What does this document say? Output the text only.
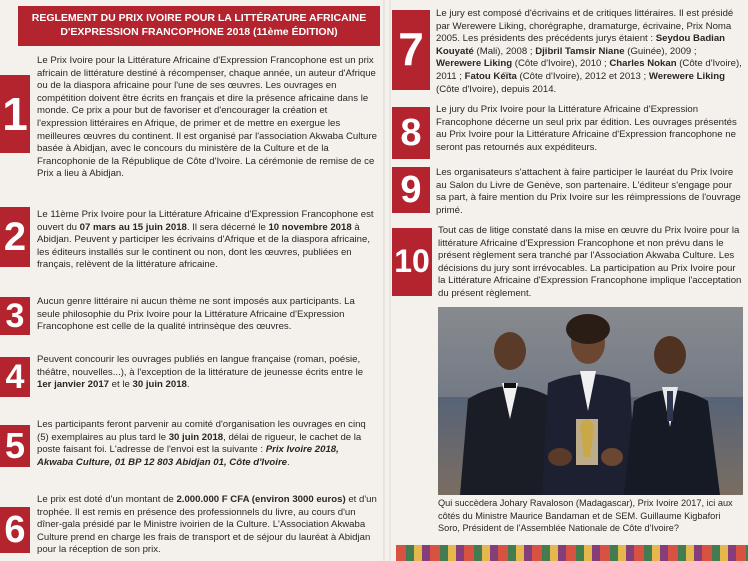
REGLEMENT DU PRIX IVOIRE POUR LA LITTÉRATURE AFRICAINE
D'EXPRESSION FRANCOPHONE 2018 (11ème ÉDITION)
1
Le Prix Ivoire pour la Littérature Africaine d'Expression Francophone est un prix africain de littérature destiné à récompenser, chaque année, un auteur d'Afrique ou de la diaspora africaine pour l'une de ses œuvres. Les ouvrages en compétition doivent être écrits en français et dire la présence africaine dans le monde. Ce prix a pour but de favoriser et d'encourager la création et l'expression littéraires en Afrique, de primer et de mettre en exergue les meilleures œuvres du continent. Il est organisé par l'association Akwaba Culture basée à Abidjan, avec le concours du ministère de la Culture et de la Francophonie de la République de Côte d'Ivoire. La cérémonie de remise de ce Prix a lieu à Abidjan.
2
Le 11ème Prix Ivoire pour la Littérature Africaine d'Expression Francophone est ouvert du 07 mars au 15 juin 2018. Il sera décerné le 10 novembre 2018 à Abidjan. Peuvent y participer les écrivains d'Afrique et de la diaspora africaine, les éditeurs installés sur le continent ou non, dont les œuvres, publiées en français, relèvent de la littérature africaine.
3	Aucun genre littéraire ni aucun thème ne sont imposés aux participants. La seule philosophie du Prix Ivoire pour la Littérature Africaine d'Expression Francophone est celle de la qualité intrinsèque des œuvres.
4	Peuvent concourir les ouvrages publiés en langue française (roman, poésie, théâtre, nouvelles...), à l'exception de la littérature de jeunesse écrits entre le 1er janvier 2017 et le 30 juin 2018.
5
Les participants feront parvenir au comité d'organisation les ouvrages en cinq (5) exemplaires au plus tard le 30 juin 2018, délai de rigueur, le cachet de la poste faisant foi. L'adresse de l'envoi est la suivante : Prix Ivoire 2018, Akwaba Culture, 01 BP 12 803 Abidjan 01, Côte d'Ivoire.
6
Le prix est doté d'un montant de 2.000.000 F CFA (environ 3000 euros) et d'un trophée. Il est remis en présence des professionnels du livre, au cours d'un dîner-gala présidé par le Ministre ivoirien de la Culture. L'Association Akwaba Culture prend en charge les frais de transport et de séjour du lauréat à Abidjan pour la réception de son prix.
7
Le jury est composé d'écrivains et de critiques littéraires. Il est présidé par Werewere Liking, chorégraphe, dramaturge, écrivaine, Prix Noma 2005. Les présidents des précédents jurys étaient : Seydou Badian Kouyaté (Mali), 2008 ; Djibril Tamsir Niane (Guinée), 2009 ; Werewere Liking (Côte d'Ivoire), 2010 ; Charles Nokan (Côte d'Ivoire), 2011 ; Fatou Kéïta (Côte d'Ivoire), 2012 et 2013 ; Werewere Liking (Côte d'Ivoire), depuis 2014.
8
Le jury du Prix Ivoire pour la Littérature Africaine d'Expression Francophone décerne un seul prix par édition. Les ouvrages présentés au Prix Ivoire pour la Littérature Africaine d'Expression francophone ne seront pas retournés aux expéditeurs.
9	Les organisateurs s'attachent à faire participer le lauréat du Prix Ivoire au Salon du Livre de Genève, son partenaire. L'éditeur s'engage pour sa part, à faire mention du Prix Ivoire sur les réimpressions de l'ouvrage primé.
10
Tout cas de litige constaté dans la mise en œuvre du Prix Ivoire pour la littérature Africaine d'Expression Francophone et non prévu dans le présent règlement sera tranché par l'Association Akwaba Culture. Les décisions du jury sont irrévocables. La participation au Prix Ivoire pour la Littérature Africaine d'Expression Francophone implique l'acceptation du présent règlement.
Qui succèdera Johary Ravaloson (Madagascar), Prix Ivoire 2017, ici aux côtés du Ministre Maurice Bandaman et de SEM. Guillaume Kigbafori Soro, Président de l'Assemblée Nationale de Côte d'Ivoire?
